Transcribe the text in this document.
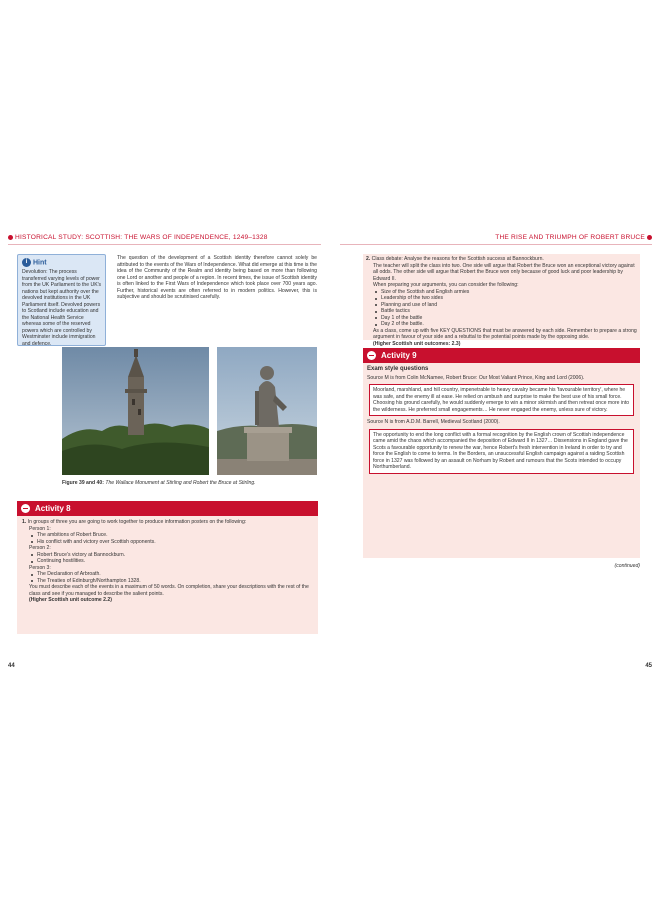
HISTORICAL STUDY: SCOTTISH: THE WARS OF INDEPENDENCE, 1249–1328	THE RISE AND TRIUMPH OF ROBERT BRUCE
i Hint
Devolution: The process transferred varying levels of power from the UK Parliament to the UK's nations but kept authority over the devolved institutions in the UK Parliament itself. Devolved powers to Scotland include education and the National Health Service whereas some of the reserved powers which are controlled by Westminster include immigration and defence.
The question of the development of a Scottish identity therefore cannot solely be attributed to the events of the Wars of Independence. What did emerge at this time is the idea of the Community of the Realm and identity being based on more than following one Lord or another and people of a region. In recent times, the issue of Scottish identity is often linked to the First Wars of Independence which took place over 700 years ago. Further, historical events are often referred to in modern politics. However, this is subjective and should be scrutinised carefully.
Figure 39 and 40: The Wallace Monument at Stirling and Robert the Bruce at Stirling.
Activity 8
1. In groups of three you are going to work together to produce information posters on the following:
Person 1:
The ambitions of Robert Bruce.
His conflict with and victory over Scottish opponents.
Person 2:
Robert Bruce's victory at Bannockburn.
Continuing hostilities.
Person 3:
The Declaration of Arbroath.
The Treaties of Edinburgh/Northampton 1328.
You must describe each of the events in a maximum of 50 words. On completion, share your descriptions with the rest of the class and see if you managed to describe the salient points.
(Higher Scottish unit outcome 2.2)
2. Class debate: Analyse the reasons for the Scottish success at Bannockburn.
The teacher will split the class into two. One side will argue that Robert the Bruce won an exceptional victory against all odds. The other side will argue that Robert the Bruce won only because of good luck and poor leadership by Edward II.
When preparing your arguments, you can consider the following:
Size of the Scottish and English armies
Leadership of the two sides
Planning and use of land
Battle tactics
Day 1 of the battle
Day 2 of the battle.
As a class, come up with five KEY QUESTIONS that must be answered by each side. Remember to prepare a strong argument in favour of your side and a rebuttal to the potential points made by the opposing side.
(Higher Scottish unit outcomes: 2.3)
Activity 9
Exam style questions
Source M is from Colin McNamee, Robert Bruce: Our Most Valiant Prince, King and Lord (2006).
Moorland, marshland, and hill country, impenetrable to heavy cavalry became his 'favourable territory', where he was safe, and the enemy ill at ease. He relied on ambush and surprise to make the best use of his small force. Choosing his ground carefully, he would suddenly emerge to win a minor skirmish and then retreat once more into the wilderness. He preferred small engagements… He never engaged the enemy, unless sure of victory.
Source N is from A.D.M. Barrell, Medieval Scotland (2000).
The opportunity to end the long conflict with a formal recognition by the English crown of Scottish independence came amid the chaos which accompanied the deposition of Edward II in 1327… Dissensions in England gave the Scots a favourable opportunity to renew the war, hence Robert's fresh intervention in Ireland in order to try and force the English to come to terms. In the Borders, an unsuccessful English campaign against a raiding Scottish force in 1327 was followed by an assault on Norham by Robert and rumours that the Scots intended to occupy Northumberland.
(continued)
44	45
